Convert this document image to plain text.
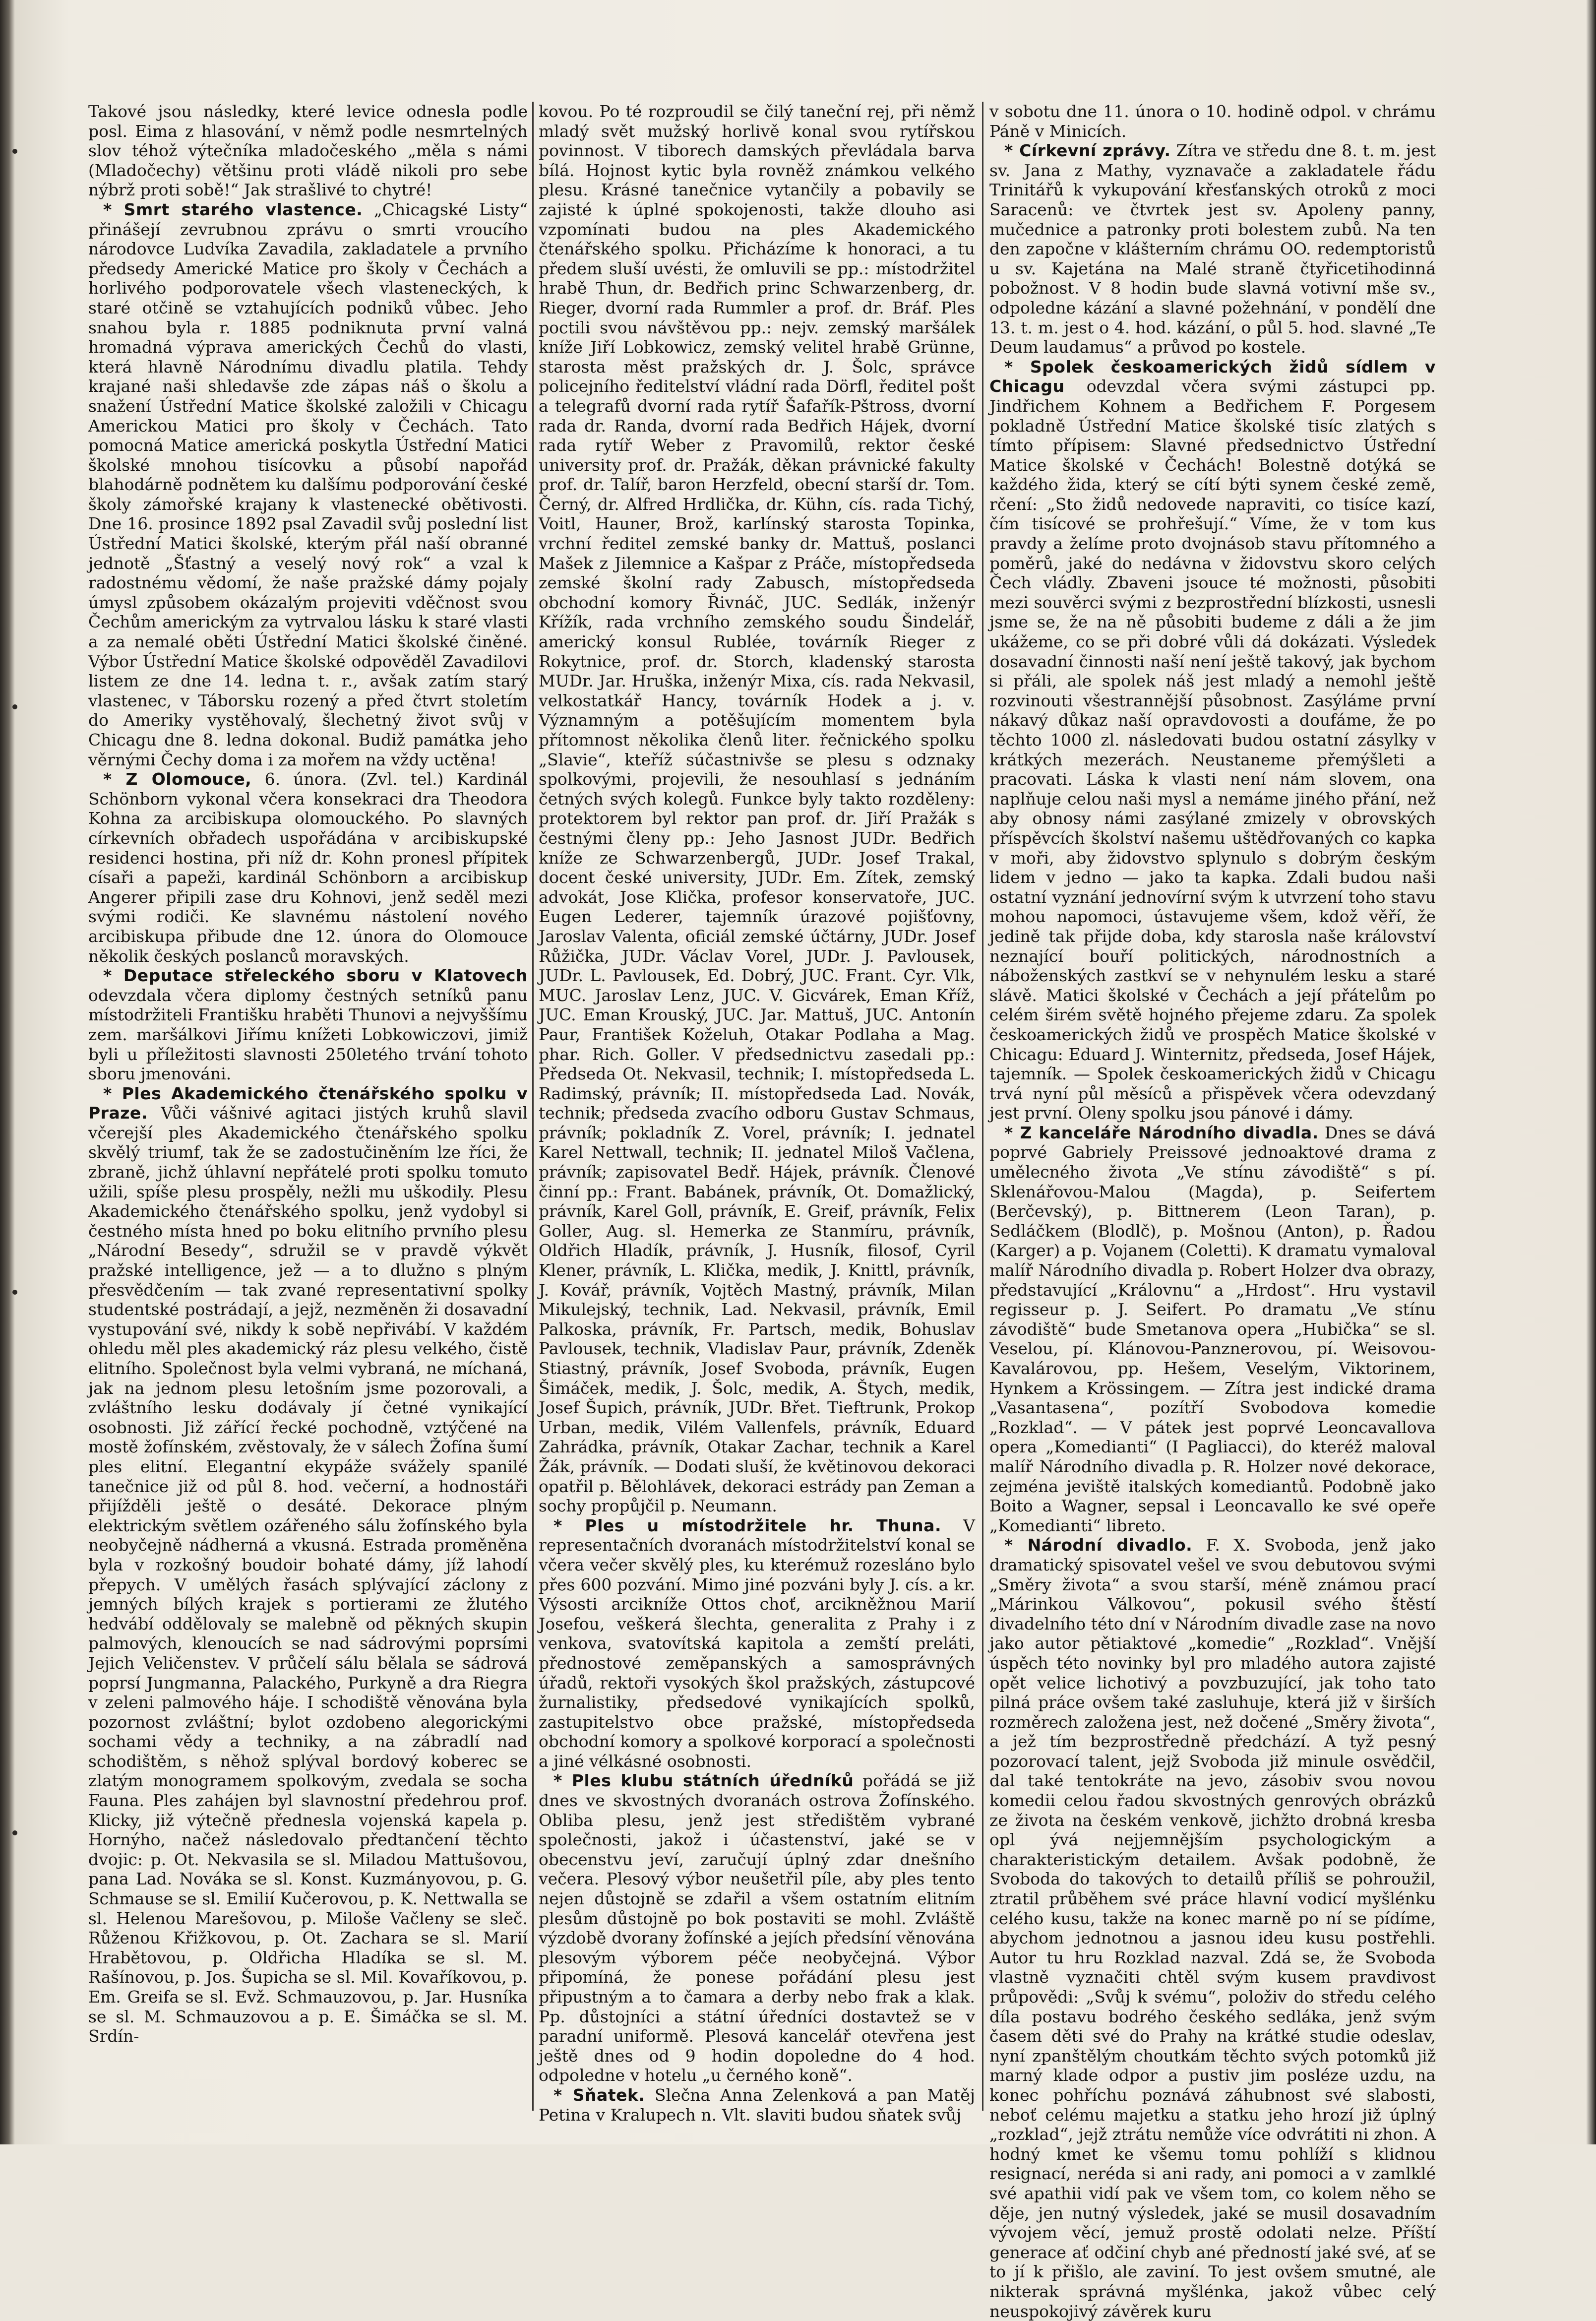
Takové jsou následky, které levice odnesla podle posl. Eima z hlasování, v němž podle nesmrtelných slov téhož výtečníka mladočeského „měla s námi (Mladočechy) většinu proti vládě nikoli pro sebe nýbrž proti sobě!“ Jak strašlivé to chytré!

* Smrt starého vlastence. „Chicagské Listy“ přinášejí zevrubnou zprávu o smrti vroucího národovce Ludvíka Zavadila, zakladatele a prvního předsedy Americké Matice pro školy v Čechách a horlivého podporovatele všech vlasteneckých, k staré otčině se vztahujících podniků vůbec. Jeho snahou byla r. 1885 podniknuta první valná hromadná výprava amerických Čechů do vlasti, která hlavně Národnímu divadlu platila. Tehdy krajané naši shledavše zde zápas náš o školu a snažení Ústřední Matice školské založili v Chicagu Americkou Matici pro školy v Čechách. Tato pomocná Matice americká poskytla Ústřední Matici školské mnohou tisícovku a působí napořád blahodárně podnětem ku dalšímu podporování české školy zámořské krajany k vlastenecké obětivosti. Dne 16. prosince 1892 psal Zavadil svůj poslední list Ústřední Matici školské, kterým přál naší obranné jednotě „Šťastný a veselý nový rok“ a vzal k radostnému vědomí, že naše pražské dámy pojaly úmysl způsobem okázalým projeviti vděčnost svou Čechům americkým za vytrvalou lásku k staré vlasti a za nemalé oběti Ústřední Matici školské činěné. Výbor Ústřední Matice školské odpověděl Zavadilovi listem ze dne 14. ledna t. r., avšak zatím starý vlastenec, v Táborsku rozený a před čtvrt stoletím do Ameriky vystěhovalý, šlechetný život svůj v Chicagu dne 8. ledna dokonal. Budiž památka jeho věrnými Čechy doma i za mořem na vždy uctěna!

* Z Olomouce, 6. února. (Zvl. tel.) Kardinál Schönborn vykonal včera konsekraci dra Theodora Kohna za arcibiskupa olomouckého. Po slavných církevních obřadech uspořádána v arcibiskupské residenci hostina, při níž dr. Kohn pronesl přípitek císaři a papeži, kardinál Schönborn a arcibiskup Angerer připili zase dru Kohnovi, jenž seděl mezi svými rodiči. Ke slavnému nástolení nového arcibiskupa přibude dne 12. února do Olomouce několik českých poslanců moravských.

* Deputace střeleckého sboru v Klatovech odevzdala včera diplomy čestných setníků panu místodržiteli Františku hraběti Thunovi a nejvyššímu zem. maršálkovi Jiřímu knížeti Lobkowiczovi, jimiž byli u příležitosti slavnosti 250letého trvání tohoto sboru jmenováni.

* Ples Akademického čtenářského spolku v Praze. Vůči vášnivé agitaci jistých kruhů slavil včerejší ples Akademického čtenářského spolku skvělý triumf, tak že se zadostučiněním lze říci, že zbraně, jichž úhlavní nepřátelé proti spolku tomuto užili, spíše plesu prospěly, nežli mu uškodily. Plesu Akademického čtenářského spolku, jenž vydobyl si čestného místa hned po boku elitního prvního plesu „Národní Besedy“, sdružil se v pravdě výkvět pražské intelligence, jež — a to dlužno s plným přesvědčením — tak zvané representativní spolky studentské postrádají, a jejž, nezměněn ži dosavadní vystupování své, nikdy k sobě nepřivábí. V každém ohledu měl ples akademický ráz plesu velkého, čistě elitního. Společnost byla velmi vybraná, ne míchaná, jak na jednom plesu letošním jsme pozorovali, a zvláštního lesku dodávaly jí četné vynikající osobnosti. Již zářící řecké pochodně, vztýčené na mostě žofínském, zvěstovaly, že v sálech Žofína šumí ples elitní. Elegantní ekypáže svážely spanilé tanečnice již od půl 8. hod. večerní, a hodnostáři přijížděli ještě o desáté. Dekorace plným elektrickým světlem ozářeného sálu žofínského byla neobyčejně nádherná a vkusná. Estrada proměněna byla v rozkošný boudoir bohaté dámy, jíž lahodí přepych. V umělých řasách splývající záclony z jemných bílých krajek s portierami ze žlutého hedvábí oddělovaly se malebně od pěkných skupin palmových, klenoucích se nad sádrovými poprsími Jejich Veličenstev. V průčelí sálu bělala se sádrová poprsí Jungmanna, Palackého, Purkyně a dra Riegra v zeleni palmového háje. I schodiště věnována byla pozornost zvláštní; bylot ozdobeno alegorickými sochami vědy a techniky, a na zábradlí nad schodištěm, s něhož splýval bordový koberec se zlatým monogramem spolkovým, zvedala se socha Fauna. Ples zahájen byl slavnostní předehrou prof. Klicky, již výtečně přednesla vojenská kapela p. Hornýho, načež následovalo předtančení těchto dvojic: p. Ot. Nekvasila se sl. Miladou Mattušovou, pana Lad. Nováka se sl. Konst. Kuzmányovou, p. G. Schmause se sl. Emilií Kučerovou, p. K. Nettwalla se sl. Helenou Marešovou, p. Miloše Vačleny se sleč. Růženou Křižkovou, p. Ot. Zachara se sl. Marií Hrabětovou, p. Oldřicha Hladíka se sl. M. Rašínovou, p. Jos. Šupicha se sl. Mil. Kovaříkovou, p. Em. Greifa se sl. Evž. Schmauzovou, p. Jar. Husníka se sl. M. Schmauzovou a p. E. Šimáčka se sl. M. Srdín-

kovou. Po té rozproudil se čilý taneční rej, při němž mladý svět mužský horlivě konal svou rytířskou povinnost. V tiborech damských převládala barva bílá. Hojnost kytic byla rovněž známkou velkého plesu. Krásné tanečnice vytančily a pobavily se zajisté k úplné spokojenosti, takže dlouho asi vzpomínati budou na ples Akademického čtenářského spolku. Přicházíme k honoraci, a tu předem sluší uvésti, že omluvili se pp.: místodržitel hrabě Thun, dr. Bedřich princ Schwarzenberg, dr. Rieger, dvorní rada Rummler a prof. dr. Bráf. Ples poctili svou návštěvou pp.: nejv. zemský maršálek kníže Jiří Lobkowicz, zemský velitel hrabě Grünne, starosta měst pražských dr. J. Šolc, správce policejního ředitelství vládní rada Dörfl, ředitel pošt a telegrafů dvorní rada rytíř Šafařík-Pštross, dvorní rada dr. Randa, dvorní rada Bedřich Hájek, dvorní rada rytíř Weber z Pravomilů, rektor české university prof. dr. Pražák, děkan právnické fakulty prof. dr. Talíř, baron Herzfeld, obecní starší dr. Tom. Černý, dr. Alfred Hrdlička, dr. Kühn, cís. rada Tichý, Voitl, Hauner, Brož, karlínský starosta Topinka, vrchní ředitel zemské banky dr. Mattuš, poslanci Mašek z Jilemnice a Kašpar z Práče, místopředseda zemské školní rady Zabusch, místopředseda obchodní komory Řivnáč, JUC. Sedlák, inženýr Křížík, rada vrchního zemského soudu Šindelář, americký konsul Rublée, továrník Rieger z Rokytnice, prof. dr. Storch, kladenský starosta MUDr. Jar. Hruška, inženýr Mixa, cís. rada Nekvasil, velkostatkář Hancy, továrník Hodek a j. v. Významným a potěšujícím momentem byla přítomnost několika členů liter. řečnického spolku „Slavie“, kteříž súčastnivše se plesu s odznaky spolkovými, projevili, že nesouhlasí s jednáním četných svých kolegů. Funkce byly takto rozděleny: protektorem byl rektor pan prof. dr. Jiří Pražák s čestnými členy pp.: Jeho Jasnost JUDr. Bedřich kníže ze Schwarzenbergů, JUDr. Josef Trakal, docent české university, JUDr. Em. Zítek, zemský advokát, Jose Klička, profesor konservatoře, JUC. Eugen Lederer, tajemník úrazové pojišťovny, Jaroslav Valenta, oficiál zemské účtárny, JUDr. Josef Růžička, JUDr. Václav Vorel, JUDr. J. Pavlousek, JUDr. L. Pavlousek, Ed. Dobrý, JUC. Frant. Cyr. Vlk, MUC. Jaroslav Lenz, JUC. V. Gicvárek, Eman Kříž, JUC. Eman Krouský, JUC. Jar. Mattuš, JUC. Antonín Paur, František Koželuh, Otakar Podlaha a Mag. phar. Rich. Goller. V předsednictvu zasedali pp.: Předseda Ot. Nekvasil, technik; I. místopředseda L. Radimský, právník; II. místopředseda Lad. Novák, technik; předseda zvacího odboru Gustav Schmaus, právník; pokladník Z. Vorel, právník; I. jednatel Karel Nettwall, technik; II. jednatel Miloš Vačlena, právník; zapisovatel Bedř. Hájek, právník. Členové činní pp.: Frant. Babánek, právník, Ot. Domažlický, právník, Karel Goll, právník, E. Greif, právník, Felix Goller, Aug. sl. Hemerka ze Stanmíru, právník, Oldřich Hladík, právník, J. Husník, filosof, Cyril Klener, právník, L. Klička, medik, J. Knittl, právník, J. Kovář, právník, Vojtěch Mastný, právník, Milan Mikulejský, technik, Lad. Nekvasil, právník, Emil Palkoska, právník, Fr. Partsch, medik, Bohuslav Pavlousek, technik, Vladislav Paur, právník, Zdeněk Stiastný, právník, Josef Svoboda, právník, Eugen Šimáček, medik, J. Šolc, medik, A. Štych, medik, Josef Šupich, právník, JUDr. Břet. Tieftrunk, Prokop Urban, medik, Vilém Vallenfels, právník, Eduard Zahrádka, právník, Otakar Zachar, technik a Karel Žák, právník. — Dodati sluší, že květinovou dekoraci opatřil p. Bělohlávek, dekoraci estrády pan Zeman a sochy propůjčil p. Neumann.

* Ples u místodržitele hr. Thuna. V representačních dvoranách místodržitelství konal se včera večer skvělý ples, ku kterémuž rozesláno bylo přes 600 pozvání. Mimo jiné pozváni byly J. cís. a kr. Výsosti arcikníže Ottos choť, arcikněžnou Marií Josefou, veškerá šlechta, generalita z Prahy i z venkova, svatovítská kapitola a zemští preláti, přednostové zeměpanských a samosprávných úřadů, rektoři vysokých škol pražských, zástupcové žurnalistiky, předsedové vynikajících spolků, zastupitelstvo obce pražské, místopředseda obchodní komory a spolkové korporací a společnosti a jiné vélkásné osobnosti.

* Ples klubu státních úředníků pořádá se již dnes ve skvostných dvoranách ostrova Žofínského. Obliba plesu, jenž jest středištěm vybrané společnosti, jakož i účastenství, jaké se v obecenstvu jeví, zaručují úplný zdar dnešního večera. Plesový výbor neušetřil píle, aby ples tento nejen důstojně se zdařil a všem ostatním elitním plesům důstojně po bok postaviti se mohl. Zvláště výzdobě dvorany žofínské a jejích předsíní věnována plesovým výborem péče neobyčejná. Výbor připomíná, že ponese pořádání plesu jest připustným a to čamara a derby nebo frak a klak. Pp. důstojníci a státní úředníci dostavtež se v paradní uniformě. Plesová kancelář otevřena jest ještě dnes od 9 hodin dopoledne do 4 hod. odpoledne v hotelu „u černého koně“.

* Sňatek. Slečna Anna Zelenková a pan Matěj Petina v Kralupech n. Vlt. slaviti budou sňatek svůj

v sobotu dne 11. února o 10. hodině odpol. v chrámu Páně v Minicích.

* Církevní zprávy. Zítra ve středu dne 8. t. m. jest sv. Jana z Mathy, vyznavače a zakladatele řádu Trinitářů k vykupování křesťanských otroků z moci Saracenů: ve čtvrtek jest sv. Apoleny panny, mučednice a patronky proti bolestem zubů. Na ten den započne v klášterním chrámu OO. redemptoristů u sv. Kajetána na Malé straně čtyřicetihodinná pobožnost. V 8 hodin bude slavná votivní mše sv., odpoledne kázání a slavné požehnání, v pondělí dne 13. t. m. jest o 4. hod. kázání, o půl 5. hod. slavné „Te Deum laudamus“ a průvod po kostele.

* Spolek českoamerických židů sídlem v Chicagu odevzdal včera svými zástupci pp. Jindřichem Kohnem a Bedřichem F. Porgesem pokladně Ústřední Matice školské tisíc zlatých s tímto přípisem: Slavné předsednictvo Ústřední Matice školské v Čechách! Bolestně dotýká se každého žida, který se cítí býti synem české země, rčení: „Sto židů nedovede napraviti, co tisíce kazí, čím tisícové se prohřešují.“ Víme, že v tom kus pravdy a želíme proto dvojnásob stavu přítomného a poměrů, jaké do nedávna v židovstvu skoro celých Čech vládly. Zbaveni jsouce té možnosti, působiti mezi souvěrci svými z bezprostřední blízkosti, usnesli jsme se, že na ně působiti budeme z dáli a že jim ukážeme, co se při dobré vůli dá dokázati. Výsledek dosavadní činnosti naší není ještě takový, jak bychom si přáli, ale spolek náš jest mladý a nemohl ještě rozvinouti všestrannější působnost. Zasýláme první nákavý důkaz naší opravdovosti a doufáme, že po těchto 1000 zl. následovati budou ostatní zásylky v krátkých mezerách. Neustaneme přemýšleti a pracovati. Láska k vlasti není nám slovem, ona naplňuje celou naši mysl a nemáme jiného přání, než aby obnosy námi zasýlané zmizely v obrovských příspěvcích školství našemu uštědřovaných co kapka v moři, aby židovstvo splynulo s dobrým českým lidem v jedno — jako ta kapka. Zdali budou naši ostatní vyznání jednovírní svým k utvrzení toho stavu mohou napomoci, ústavujeme všem, kdož věří, že jedině tak přijde doba, kdy starosla naše království neznající bouří politických, národnostních a náboženských zastkví se v nehynulém lesku a staré slávě. Matici školské v Čechách a její přátelům po celém širém světě hojného přejeme zdaru. Za spolek českoamerických židů ve prospěch Matice školské v Chicagu: Eduard J. Winternitz, předseda, Josef Hájek, tajemník. — Spolek českoamerických židů v Chicagu trvá nyní půl měsíců a přispěvek včera odevzdaný jest první. Oleny spolku jsou pánové i dámy.

* Z kanceláře Národního divadla. Dnes se dává poprvé Gabriely Preissové jednoaktové drama z umělecného života „Ve stínu závodiště“ s pí. Sklenářovou-Malou (Magda), p. Seifertem (Berčevský), p. Bittnerem (Leon Taran), p. Sedláčkem (Blodlč), p. Mošnou (Anton), p. Řadou (Karger) a p. Vojanem (Coletti). K dramatu vymaloval malíř Národního divadla p. Robert Holzer dva obrazy, představující „Královnu“ a „Hrdost“. Hru vystavil regisseur p. J. Seifert. Po dramatu „Ve stínu závodiště“ bude Smetanova opera „Hubička“ se sl. Veselou, pí. Klánovou-Panznerovou, pí. Weisovou-Kavalárovou, pp. Hešem, Veselým, Viktorinem, Hynkem a Krössingem. — Zítra jest indické drama „Vasantasena“, pozítří Svobodova komedie „Rozklad“. — V pátek jest poprvé Leoncavallova opera „Komedianti“ (I Pagliacci), do kteréž maloval malíř Národního divadla p. R. Holzer nové dekorace, zejména jeviště italských komediantů. Podobně jako Boito a Wagner, sepsal i Leoncavallo ke své opeře „Komedianti“ libreto.

* Národní divadlo. F. X. Svoboda, jenž jako dramatický spisovatel vešel ve svou debutovou svými „Směry života“ a svou starší, méně známou prací „Márinkou Válkovou“, pokusil svého štěstí divadelního této dní v Národním divadle zase na novo jako autor pětiaktové „komedie“ „Rozklad“. Vnější úspěch této novinky byl pro mladého autora zajisté opět velice lichotivý a povzbuzující, jak toho tato pilná práce ovšem také zasluhuje, která již v širších rozměrech založena jest, než dočené „Směry života“, a jež tím bezprostředně předchází. A tyž pesný pozorovací talent, jejž Svoboda již minule osvědčil, dal také tentokráte na jevo, zásobiv svou novou komedii celou řadou skvostných genrových obrázků ze života na českém venkově, jichžto drobná kresba opl ývá nejjemnějším psychologickým a charakteristickým detailem. Avšak podobně, že Svoboda do takových to detailů příliš se pohroužil, ztratil průběhem své práce hlavní vodicí myšlénku celého kusu, takže na konec marně po ní se pídíme, abychom jednotnou a jasnou ideu kusu postřehli. Autor tu hru Rozklad nazval. Zdá se, že Svoboda vlastně vyznačiti chtěl svým kusem pravdivost průpovědi: „Svůj k svému“, položiv do středu celého díla postavu bodrého českého sedláka, jenž svým časem děti své do Prahy na krátké studie odeslav, nyní zpanštělým choutkám těchto svých potomků již marný klade odpor a pustiv jim posléze uzdu, na konec pohříchu poznává záhubnost své slabosti, neboť celému majetku a statku jeho hrozí již úplný „rozklad“, jejž ztrátu nemůže více odvrátiti ni zhon. A hodný kmet ke všemu tomu pohlíží s klidnou resignací, neréda si ani rady, ani pomoci a v zamlklé své apathii vidí pak ve všem tom, co kolem něho se děje, jen nutný výsledek, jaké se musil dosavadním vývojem věcí, jemuž prostě odolati nelze. Příští generace ať odčiní chyb ané předností jaké své, ať se to jí k přišlo, ale zaviní. To jest ovšem smutné, ale nikterak správná myšlénka, jakož vůbec celý neuspokojivý závěrek kuru
